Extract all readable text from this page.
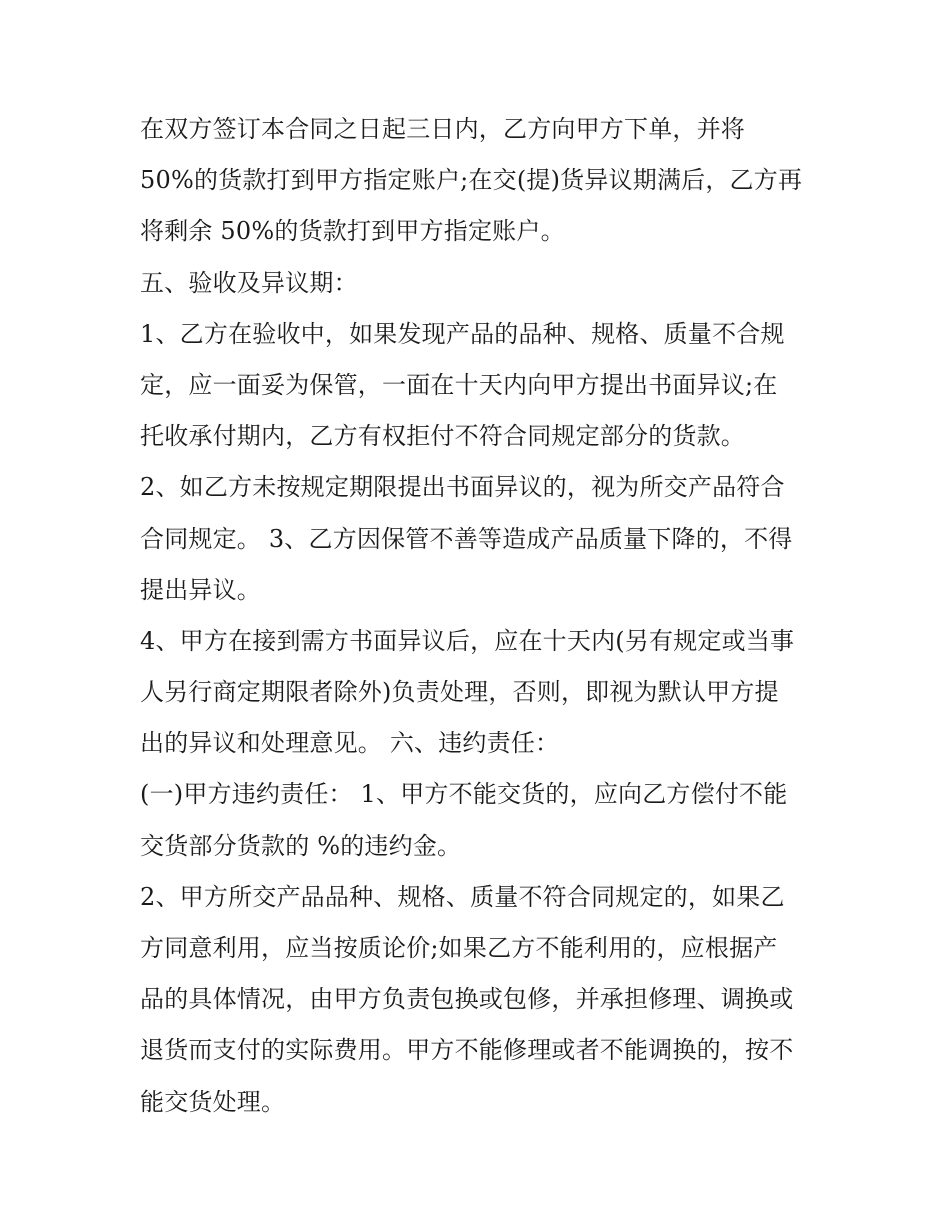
在双方签订本合同之日起三日内，乙方向甲方下单，并将
50%的货款打到甲方指定账户;在交(提)货异议期满后，乙方再
将剩余 50%的货款打到甲方指定账户。
五、验收及异议期：
1、乙方在验收中，如果发现产品的品种、规格、质量不合规
定，应一面妥为保管，一面在十天内向甲方提出书面异议;在
托收承付期内，乙方有权拒付不符合同规定部分的货款。
2、如乙方未按规定期限提出书面异议的，视为所交产品符合
合同规定。 3、乙方因保管不善等造成产品质量下降的，不得
提出异议。
4、甲方在接到需方书面异议后，应在十天内(另有规定或当事
人另行商定期限者除外)负责处理，否则，即视为默认甲方提
出的异议和处理意见。 六、违约责任：
(一)甲方违约责任： 1、甲方不能交货的，应向乙方偿付不能
交货部分货款的 %的违约金。
2、甲方所交产品品种、规格、质量不符合同规定的，如果乙
方同意利用，应当按质论价;如果乙方不能利用的，应根据产
品的具体情况，由甲方负责包换或包修，并承担修理、调换或
退货而支付的实际费用。甲方不能修理或者不能调换的，按不
能交货处理。
